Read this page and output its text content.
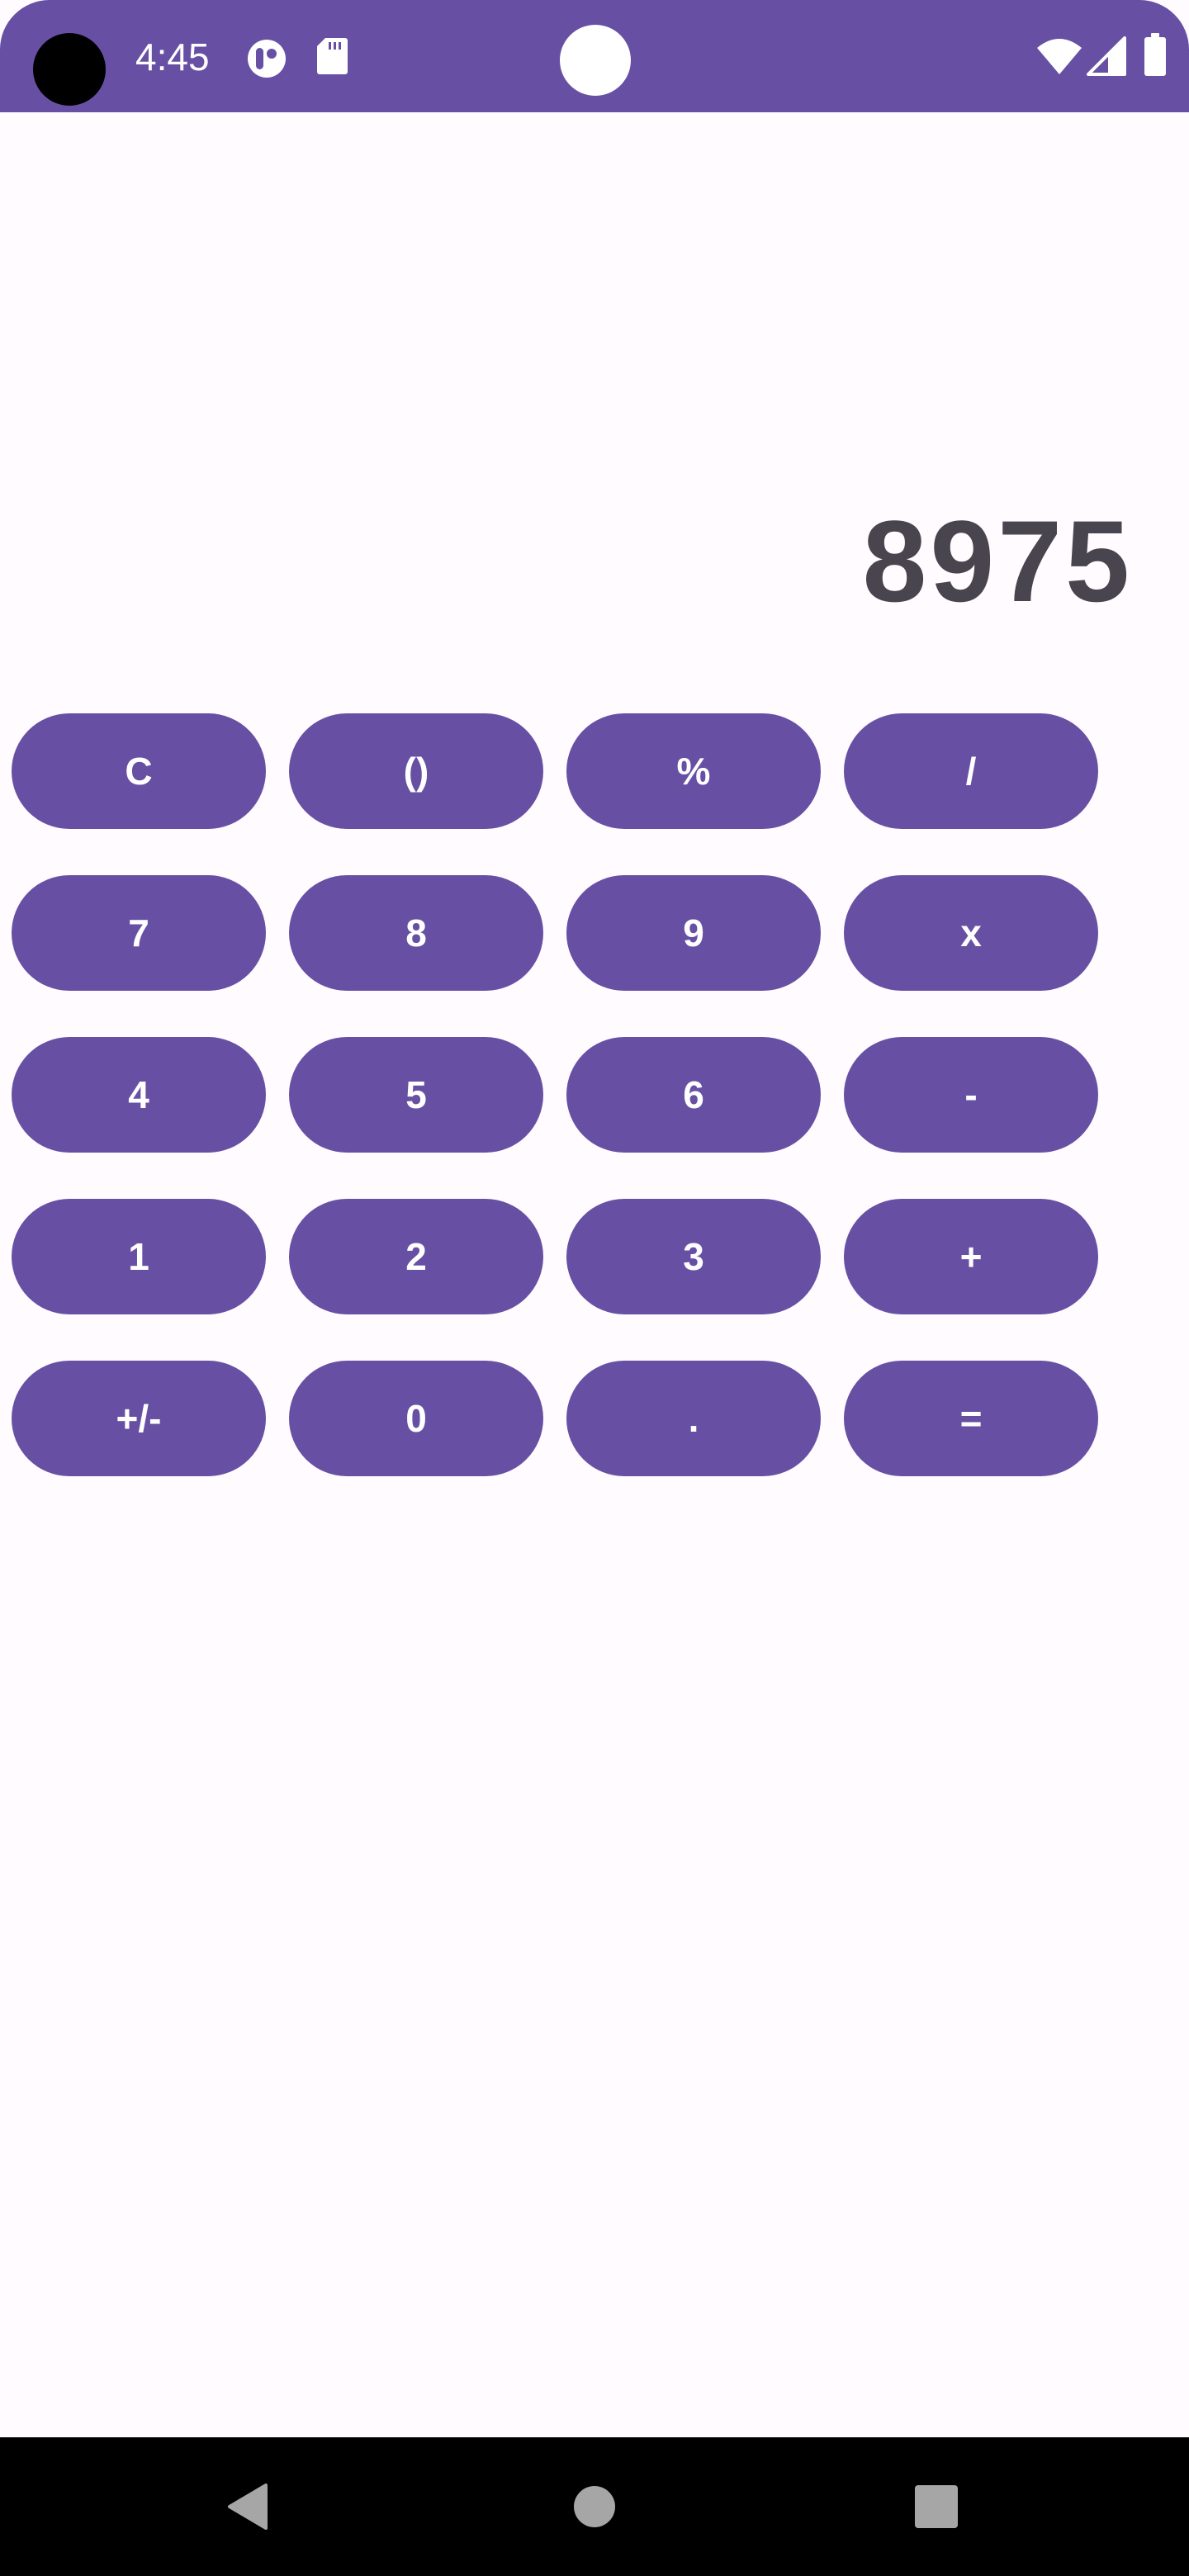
4:45
8975
C	()	%	/
7	8	9	x
4	5	6	-
1	2	3	+
+/-	0	.	=
